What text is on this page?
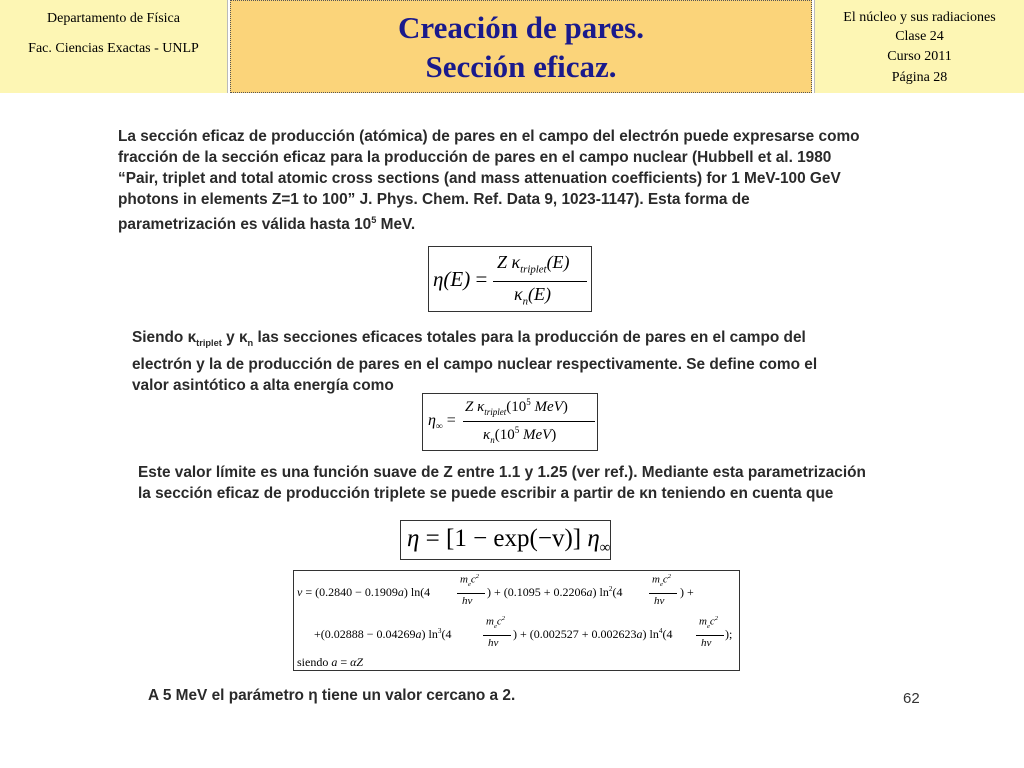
Departamento de Física
Fac. Ciencias Exactas - UNLP
Creación de pares.
Sección eficaz.
El núcleo y sus radiaciones
Clase 24
Curso 2011
Página 28
La sección eficaz de producción (atómica) de pares en el campo del electrón puede expresarse como
fracción de la sección eficaz para la producción de pares en el campo nuclear (Hubbell et al. 1980
“Pair, triplet and total atomic cross sections (and mass attenuation coefficients) for 1 MeV-100 GeV
photons in elements Z=1 to 100” J. Phys. Chem. Ref. Data 9, 1023-1147). Esta forma de
parametrización es válida hasta $10^5$ MeV.
η(E) =
Z $\kappa_{triplet}(E)$
$\kappa_n(E)$
Siendo $\kappa_{triplet}$ y $\kappa_n$ las secciones eficaces totales para la producción de pares en el campo del
electrón y la de producción de pares en el campo nuclear respectivamente. Se define como el
valor asintótico a alta energía como
$\eta_\infty$ =
Z $\kappa_{triplet}(10^5$ MeV)
$\kappa_n(10^5$ MeV)
Este valor límite es una función suave de Z entre 1.1 y 1.25 (ver ref.). Mediante esta parametrización
la sección eficaz de producción triplete se puede escribir a partir de κn teniendo en cuenta que
η = [1 − exp(−v)] $\eta_\infty$
v = (0.2840 − 0.1909a) ln(4
$m_ec^2$
hν
) + (0.1095 + 0.2206a) $\ln^2(4$
$m_ec^2$
hν
) +
+(0.02888 − 0.04269a) $\ln^3(4$
$m_ec^2$
hν
) + (0.002527 + 0.002623a) $\ln^4(4$
$m_ec^2$
hν
);
siendo a = αZ
A 5 MeV el parámetro η tiene un valor cercano a 2.	62
